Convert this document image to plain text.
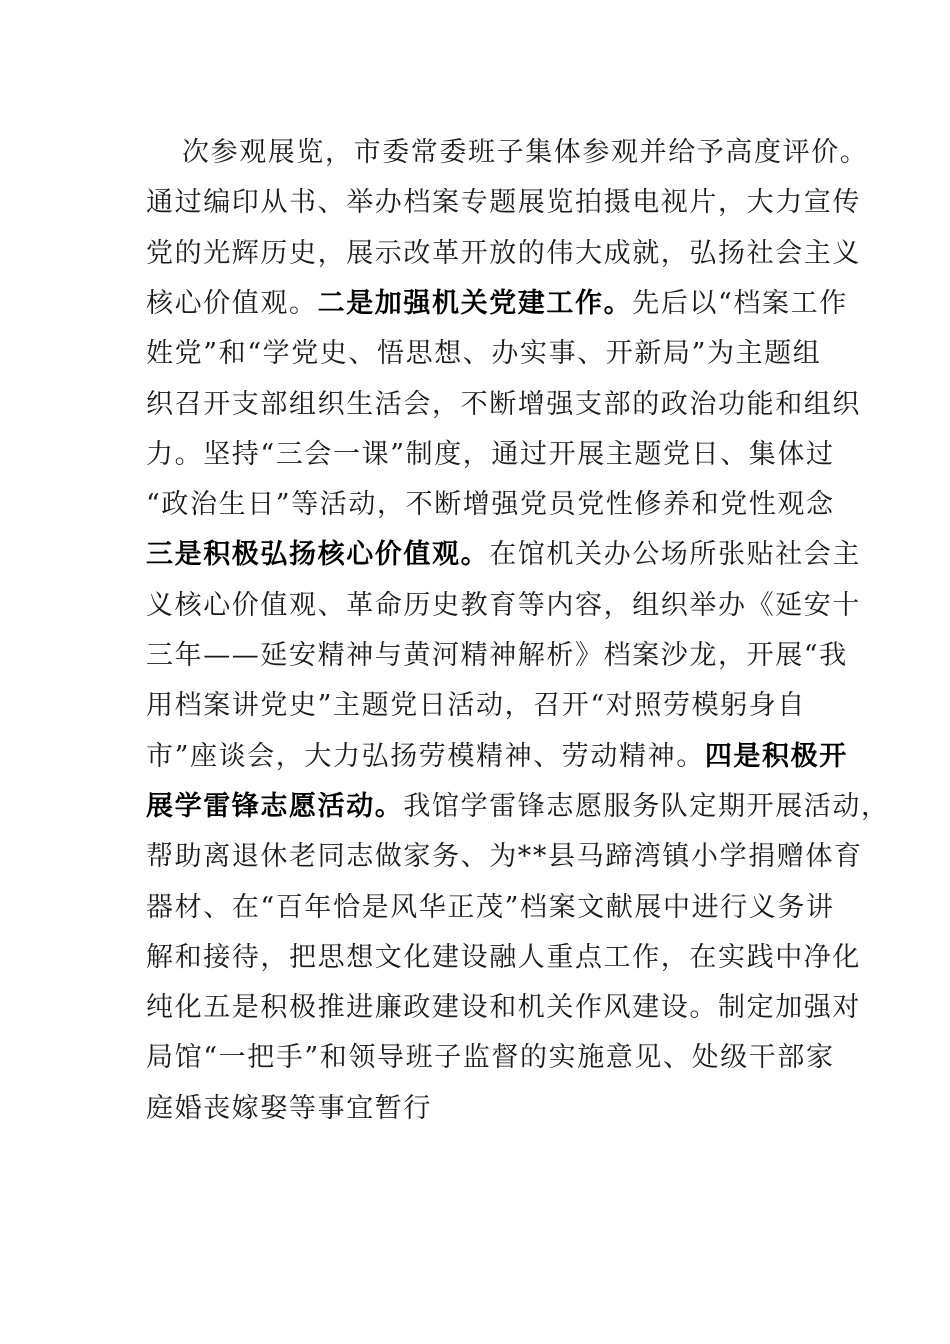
次参观展览，市委常委班子集体参观并给予高度评价。
通过编印从书、举办档案专题展览拍摄电视片，大力宣传
党的光辉历史，展示改革开放的伟大成就，弘扬社会主义
核心价值观。二是加强机关党建工作。先后以“档案工作
姓党”和“学党史、悟思想、办实事、开新局”为主题组
织召开支部组织生活会，不断增强支部的政治功能和组织
力。坚持“三会一课”制度，通过开展主题党日、集体过
“政治生日”等活动，不断增强党员党性修养和党性观念
三是积极弘扬核心价值观。在馆机关办公场所张贴社会主
义核心价值观、革命历史教育等内容，组织举办《延安十
三年——延安精神与黄河精神解析》档案沙龙，开展“我
用档案讲党史”主题党日活动，召开“对照劳模躬身自
市”座谈会，大力弘扬劳模精神、劳动精神。四是积极开
展学雷锋志愿活动。我馆学雷锋志愿服务队定期开展活动，
帮助离退休老同志做家务、为**县马蹄湾镇小学捐赠体育
器材、在“百年恰是风华正茂”档案文献展中进行义务讲
解和接待，把思想文化建设融人重点工作，在实践中净化
纯化五是积极推进廉政建设和机关作风建设。制定加强对
局馆“一把手”和领导班子监督的实施意见、处级干部家
庭婚丧嫁娶等事宜暂行
